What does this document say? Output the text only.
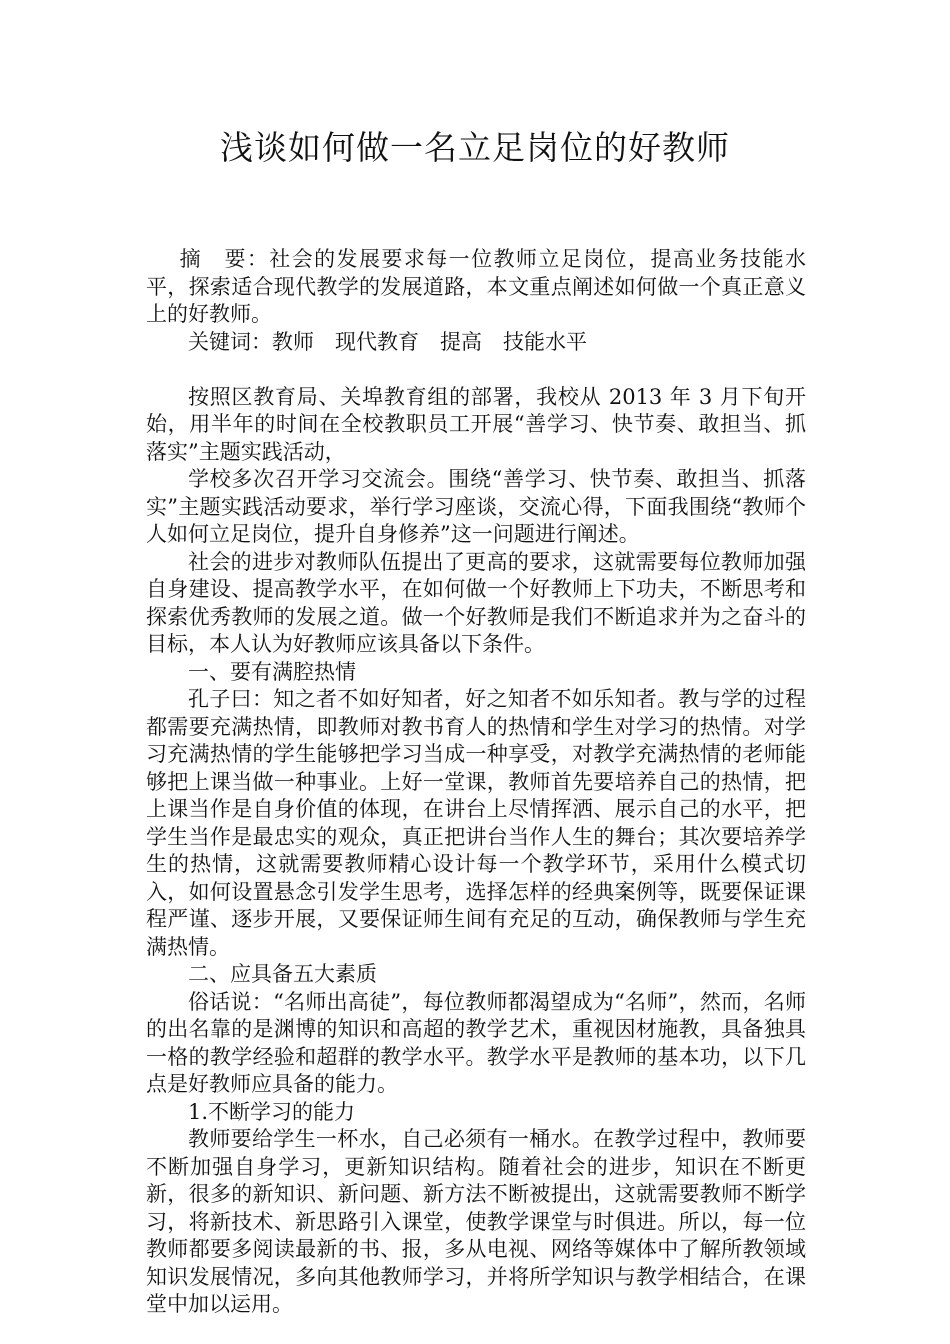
浅谈如何做一名立足岗位的好教师

摘　要：社会的发展要求每一位教师立足岗位，提高业务技能水平，探索适合现代教学的发展道路，本文重点阐述如何做一个真正意义上的好教师。

关键词：教师　现代教育　提高　技能水平

按照区教育局、关埠教育组的部署，我校从 2013 年 3 月下旬开始，用半年的时间在全校教职员工开展“善学习、快节奏、敢担当、抓落实”主题实践活动，

学校多次召开学习交流会。围绕“善学习、快节奏、敢担当、抓落实”主题实践活动要求，举行学习座谈，交流心得，下面我围绕“教师个人如何立足岗位，提升自身修养”这一问题进行阐述。

社会的进步对教师队伍提出了更高的要求，这就需要每位教师加强自身建设、提高教学水平，在如何做一个好教师上下功夫，不断思考和探索优秀教师的发展之道。做一个好教师是我们不断追求并为之奋斗的目标，本人认为好教师应该具备以下条件。

一、要有满腔热情

孔子曰：知之者不如好知者，好之知者不如乐知者。教与学的过程都需要充满热情，即教师对教书育人的热情和学生对学习的热情。对学习充满热情的学生能够把学习当成一种享受，对教学充满热情的老师能够把上课当做一种事业。上好一堂课，教师首先要培养自己的热情，把上课当作是自身价值的体现，在讲台上尽情挥洒、展示自己的水平，把学生当作是最忠实的观众，真正把讲台当作人生的舞台；其次要培养学生的热情，这就需要教师精心设计每一个教学环节，采用什么模式切入，如何设置悬念引发学生思考，选择怎样的经典案例等，既要保证课程严谨、逐步开展，又要保证师生间有充足的互动，确保教师与学生充满热情。

二、应具备五大素质

俗话说：“名师出高徒”，每位教师都渴望成为“名师”，然而，名师的出名靠的是渊博的知识和高超的教学艺术，重视因材施教，具备独具一格的教学经验和超群的教学水平。教学水平是教师的基本功，以下几点是好教师应具备的能力。

1.不断学习的能力

教师要给学生一杯水，自己必须有一桶水。在教学过程中，教师要不断加强自身学习，更新知识结构。随着社会的进步，知识在不断更新，很多的新知识、新问题、新方法不断被提出，这就需要教师不断学习，将新技术、新思路引入课堂，使教学课堂与时俱进。所以，每一位教师都要多阅读最新的书、报，多从电视、网络等媒体中了解所教领域知识发展情况，多向其他教师学习，并将所学知识与教学相结合，在课堂中加以运用。
